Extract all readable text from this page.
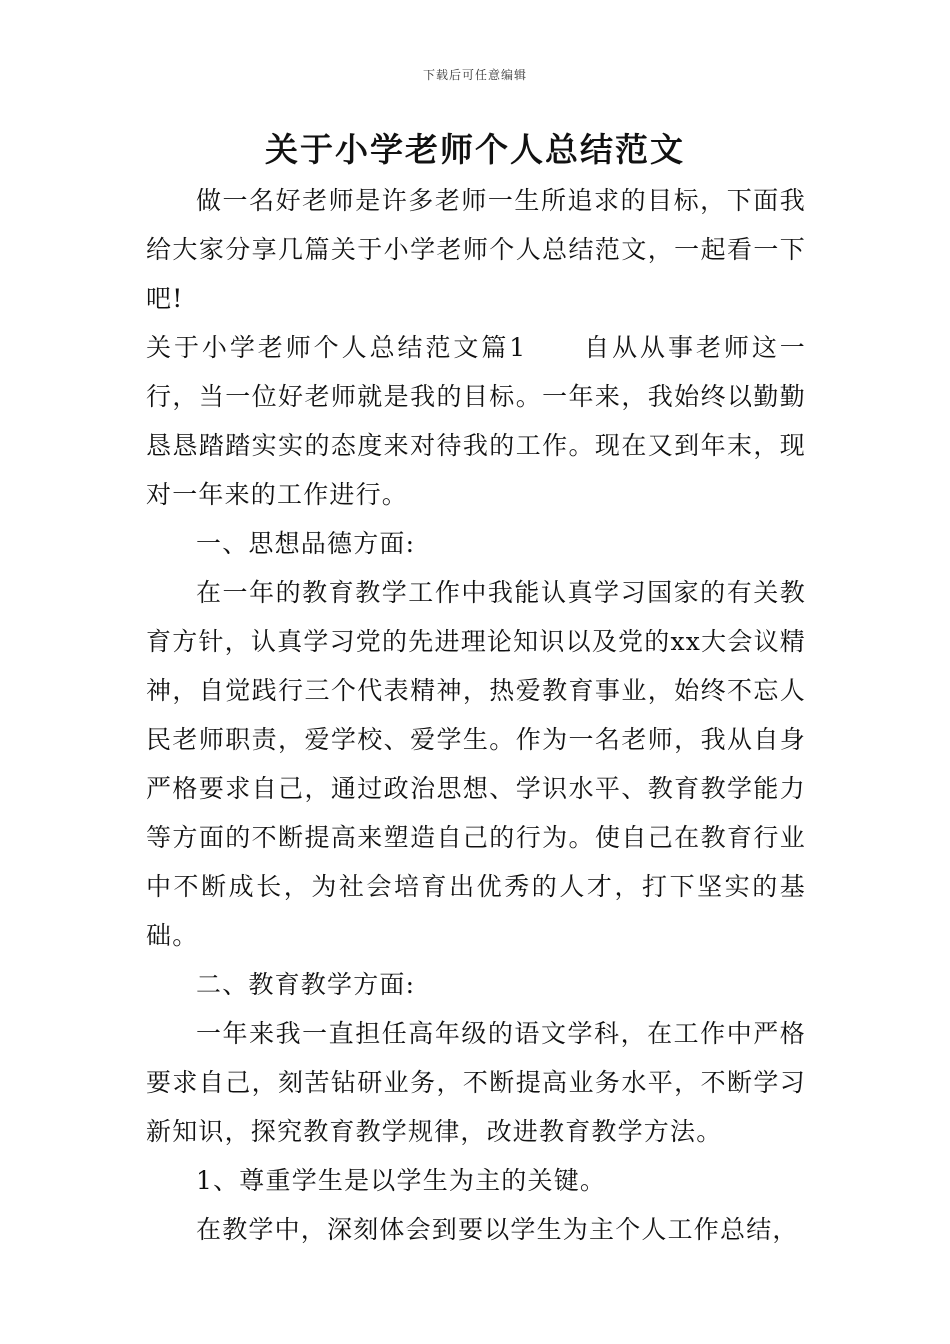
下载后可任意编辑
关于小学老师个人总结范文

做一名好老师是许多老师一生所追求的目标，下面我给大家分享几篇关于小学老师个人总结范文，一起看一下吧!

关于小学老师个人总结范文篇1 自从从事老师这一行，当一位好老师就是我的目标。一年来，我始终以勤勤恳恳踏踏实实的态度来对待我的工作。现在又到年末，现对一年来的工作进行。

一、思想品德方面:

在一年的教育教学工作中我能认真学习国家的有关教育方针，认真学习党的先进理论知识以及党的xx大会议精神，自觉践行三个代表精神，热爱教育事业，始终不忘人民老师职责，爱学校、爱学生。作为一名老师，我从自身严格要求自己，通过政治思想、学识水平、教育教学能力等方面的不断提高来塑造自己的行为。使自己在教育行业中不断成长，为社会培育出优秀的人才，打下坚实的基础。

二、教育教学方面:

一年来我一直担任高年级的语文学科，在工作中严格要求自己，刻苦钻研业务，不断提高业务水平，不断学习新知识，探究教育教学规律，改进教育教学方法。

1、尊重学生是以学生为主的关键。

在教学中，深刻体会到要以学生为主个人工作总结，
